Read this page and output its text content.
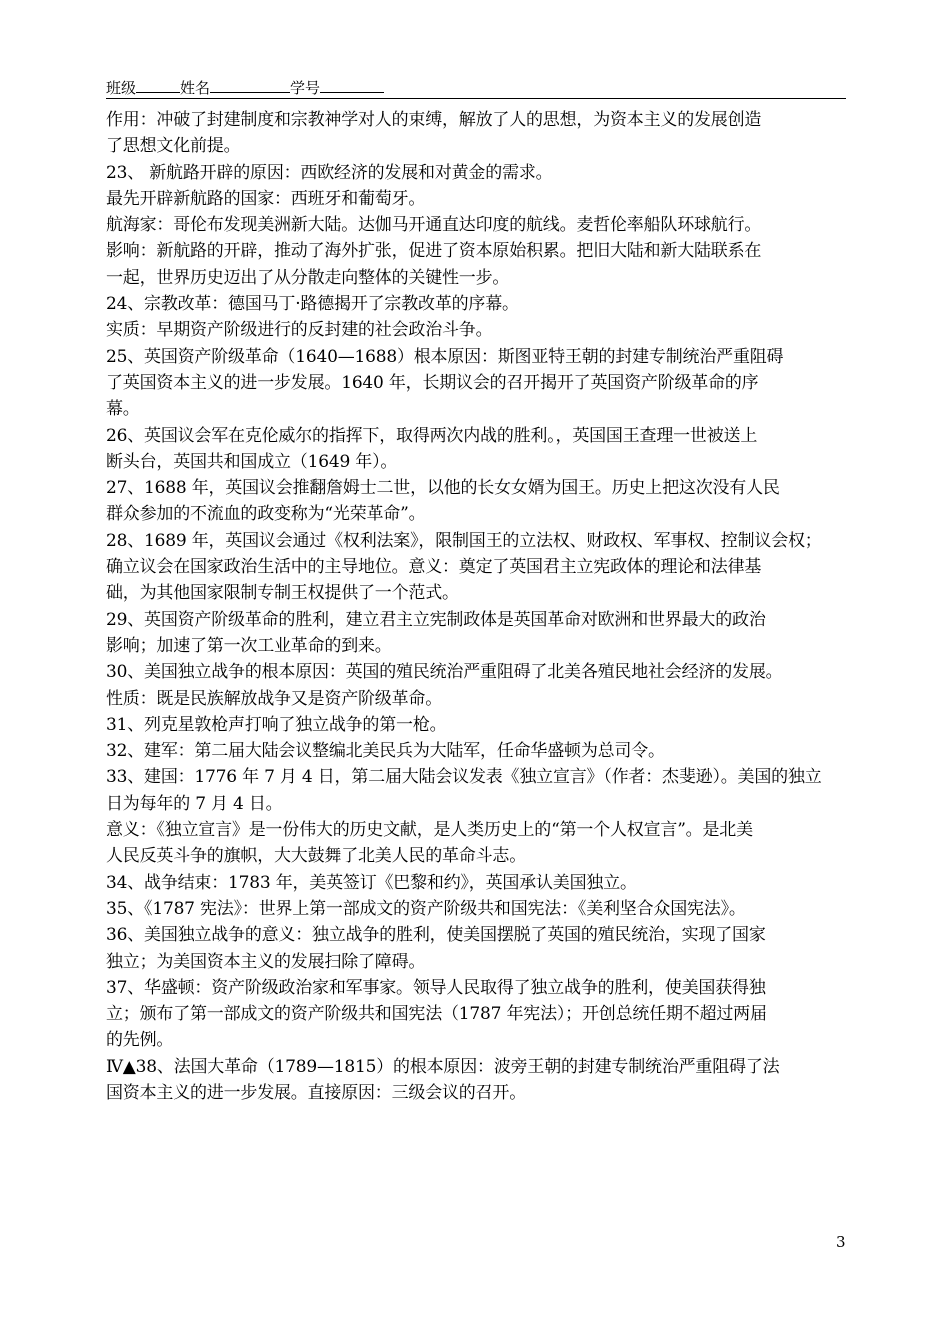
班级	姓名	学号

作用：冲破了封建制度和宗教神学对人的束缚，解放了人的思想，为资本主义的发展创造

了思想文化前提。

23、 新航路开辟的原因：西欧经济的发展和对黄金的需求。

最先开辟新航路的国家：西班牙和葡萄牙。

航海家：哥伦布发现美洲新大陆。达伽马开通直达印度的航线。麦哲伦率船队环球航行。

影响：新航路的开辟，推动了海外扩张，促进了资本原始积累。把旧大陆和新大陆联系在

一起，世界历史迈出了从分散走向整体的关键性一步。

24、宗教改革：德国马丁·路德揭开了宗教改革的序幕。

实质：早期资产阶级进行的反封建的社会政治斗争。

25、英国资产阶级革命（1640—1688）根本原因：斯图亚特王朝的封建专制统治严重阻碍

了英国资本主义的进一步发展。1640 年，长期议会的召开揭开了英国资产阶级革命的序

幕。

26、英国议会军在克伦威尔的指挥下，取得两次内战的胜利。，英国国王查理一世被送上

断头台，英国共和国成立（1649 年）。

27、1688 年，英国议会推翻詹姆士二世，以他的长女女婿为国王。历史上把这次没有人民

群众参加的不流血的政变称为“光荣革命”。

28、1689 年，英国议会通过《权利法案》，限制国王的立法权、财政权、军事权、控制议会权；

确立议会在国家政治生活中的主导地位。意义：奠定了英国君主立宪政体的理论和法律基

础，为其他国家限制专制王权提供了一个范式。

29、英国资产阶级革命的胜利，建立君主立宪制政体是英国革命对欧洲和世界最大的政治

影响；加速了第一次工业革命的到来。

30、美国独立战争的根本原因：英国的殖民统治严重阻碍了北美各殖民地社会经济的发展。

性质：既是民族解放战争又是资产阶级革命。

31、列克星敦枪声打响了独立战争的第一枪。

32、建军：第二届大陆会议整编北美民兵为大陆军，任命华盛顿为总司令。

33、建国：1776 年 7 月 4 日，第二届大陆会议发表《独立宣言》（作者：杰斐逊）。美国的独立

日为每年的 7 月 4 日。

意义：《独立宣言》是一份伟大的历史文献，是人类历史上的“第一个人权宣言”。是北美

人民反英斗争的旗帜，大大鼓舞了北美人民的革命斗志。

34、战争结束：1783 年，美英签订《巴黎和约》，英国承认美国独立。

35、《1787 宪法》：世界上第一部成文的资产阶级共和国宪法：《美利坚合众国宪法》。

36、美国独立战争的意义：独立战争的胜利，使美国摆脱了英国的殖民统治，实现了国家

独立；为美国资本主义的发展扫除了障碍。

37、华盛顿：资产阶级政治家和军事家。领导人民取得了独立战争的胜利，使美国获得独

立；颁布了第一部成文的资产阶级共和国宪法（1787 年宪法）；开创总统任期不超过两届

的先例。

Ⅳ▲38、法国大革命（1789—1815）的根本原因：波旁王朝的封建专制统治严重阻碍了法

国资本主义的进一步发展。直接原因：三级会议的召开。

3
